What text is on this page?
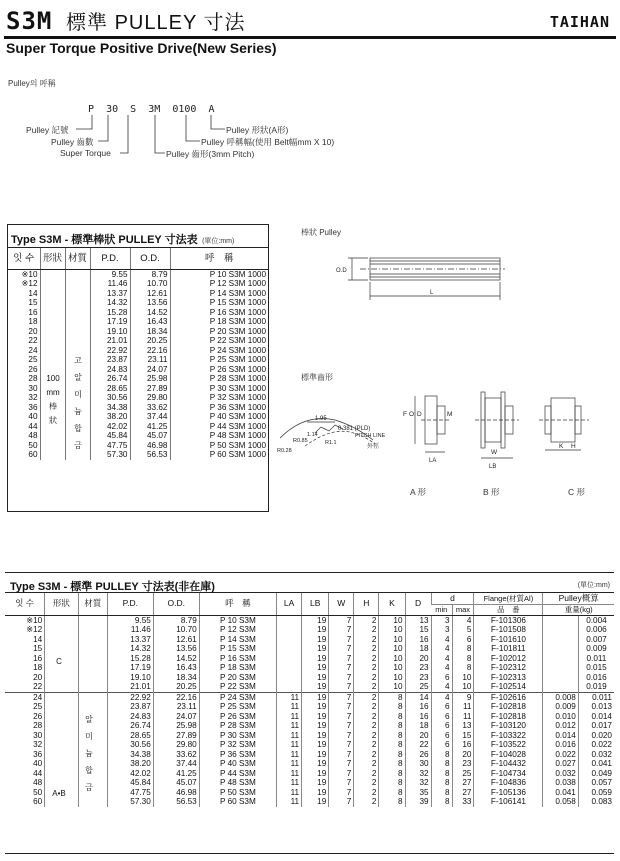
S3M 標準 PULLEY 寸法	TAIHAN
Super Torque Positive Drive(New Series)
Pulley의 呼稱
P 30 S 3M 0100 A
Pulley 記號
Pulley 齒數
Super Torque
Pulley 形狀(A形)
Pulley 呼稱幅(使用 Belt幅mm X 10)
Pulley 齒形(3mm Pitch)
Type S3M - 標準棒狀 PULLEY 寸法表 (單位:mm)
잇 수	形狀	材質	P.D.	O.D.	呼　稱
※10			9.55	8.79	P 10 S3M 1000
※12			11.46	10.70	P 12 S3M 1000
14			13.37	12.61	P 14 S3M 1000
15			14.32	13.56	P 15 S3M 1000
16			15.28	14.52	P 16 S3M 1000
18			17.19	16.43	P 18 S3M 1000
20			19.10	18.34	P 20 S3M 1000
22			21.01	20.25	P 22 S3M 1000
24			22.92	22.16	P 24 S3M 1000
25			23.87	23.11	P 25 S3M 1000
26			24.83	24.07	P 26 S3M 1000
28			26.74	25.98	P 28 S3M 1000
30			28.65	27.89	P 30 S3M 1000
32			30.56	29.80	P 32 S3M 1000
36			34.38	33.62	P 36 S3M 1000
40			38.20	37.44	P 40 S3M 1000
44			42.02	41.25	P 44 S3M 1000
48			45.84	45.07	P 48 S3M 1000
50			47.75	46.98	P 50 S3M 1000
60			57.30	56.53	P 60 S3M 1000
100
mm
棒
狀
고
알
미
늄
합
금
棒狀 Pulley
O.D
L
標準齒形
1.95
0.381 (PLD)
PITCH LINE
外徑
R0.28
R0.85
1.14
R1.1
F O D	M
W
K H
LA
LB
A 形	B 形	C 形
Type S3M - 標準 PULLEY 寸法表(非在庫)	(單位:mm)
잇 수	形狀	材質	P.D.	O.D.	呼　稱	LA	LB	W	H	K	D	d		Flange(材質Al)	Pulley概算	
												min	max	品　番	重量(kg)	
※10			9.55	8.79	P 10 S3M		19	7	2	10	13	3	4	F-101306		0.004
※12			11.46	10.70	P 12 S3M		19	7	2	10	15	3	5	F-101508		0.006
14			13.37	12.61	P 14 S3M		19	7	2	10	16	4	6	F-101610		0.007
15			14.32	13.56	P 15 S3M		19	7	2	10	18	4	8	F-101811		0.009
16			15.28	14.52	P 16 S3M		19	7	2	10	20	4	8	F-102012		0.011
18			17.19	16.43	P 18 S3M		19	7	2	10	23	4	8	F-102312		0.015
20			19.10	18.34	P 20 S3M		19	7	2	10	23	6	10	F-102313		0.016
22			21.01	20.25	P 22 S3M		19	7	2	10	25	4	10	F-102514		0.019
24			22.92	22.16	P 24 S3M	11	19	7	2	8	14	4	9	F-102616	0.008	0.011
25			23.87	23.11	P 25 S3M	11	19	7	2	8	16	6	11	F-102818	0.009	0.013
26			24.83	24.07	P 26 S3M	11	19	7	2	8	16	6	11	F-102818	0.010	0.014
28			26.74	25.98	P 28 S3M	11	19	7	2	8	18	6	13	F-103120	0.012	0.017
30			28.65	27.89	P 30 S3M	11	19	7	2	8	20	6	15	F-103322	0.014	0.020
32			30.56	29.80	P 32 S3M	11	19	7	2	8	22	6	16	F-103522	0.016	0.022
36			34.38	33.62	P 36 S3M	11	19	7	2	8	26	8	20	F-104028	0.022	0.032
40			38.20	37.44	P 40 S3M	11	19	7	2	8	30	8	23	F-104432	0.027	0.041
44			42.02	41.25	P 44 S3M	11	19	7	2	8	32	8	25	F-104734	0.032	0.049
48			45.84	45.07	P 48 S3M	11	19	7	2	8	32	8	27	F-104836	0.038	0.057
50			47.75	46.98	P 50 S3M	11	19	7	2	8	35	8	27	F-105136	0.041	0.059
60			57.30	56.53	P 60 S3M	11	19	7	2	8	39	8	33	F-106141	0.058	0.083
C
A•B
알
미
늄
합
금
